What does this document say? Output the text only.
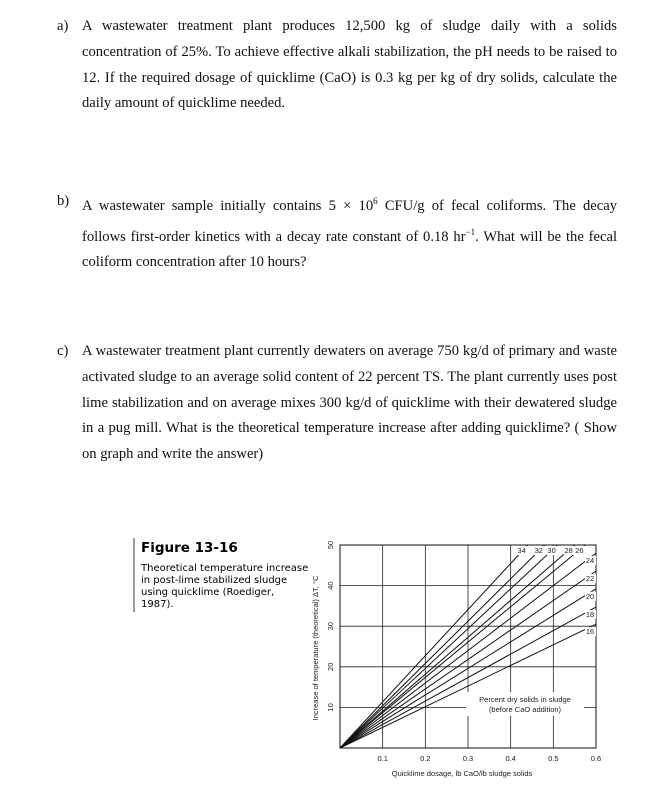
a) A wastewater treatment plant produces 12,500 kg of sludge daily with a solids concentration of 25%. To achieve effective alkali stabilization, the pH needs to be raised to 12. If the required dosage of quicklime (CaO) is 0.3 kg per kg of dry solids, calculate the daily amount of quicklime needed.
b) A wastewater sample initially contains $5 \times 10^6$ CFU/g of fecal coliforms. The decay follows first-order kinetics with a decay rate constant of 0.18 $hr^{-1}$. What will be the fecal coliform concentration after 10 hours?
c) A wastewater treatment plant currently dewaters on average 750 kg/d of primary and waste activated sludge to an average solid content of 22 percent TS. The plant currently uses post lime stabilization and on average mixes 300 kg/d of quicklime with their dewatered sludge in a pug mill. What is the theoretical temperature increase after adding quicklime? ( Show on graph and write the answer)
Figure 13-16
Theoretical temperature increase
in post-lime stabilized sludge
using quicklime (Roediger,
1987).
10
20
30
40
50
0.1	0.2	0.3	0.4	0.5	0.6
16
18
20
22
24
26
28
30
32
34
Percent dry solids in sludge
(before CaO addition)
Quicklime dosage, lb CaO/lb sludge solids
Increase of temperature (theoretical) ΔT, °C
